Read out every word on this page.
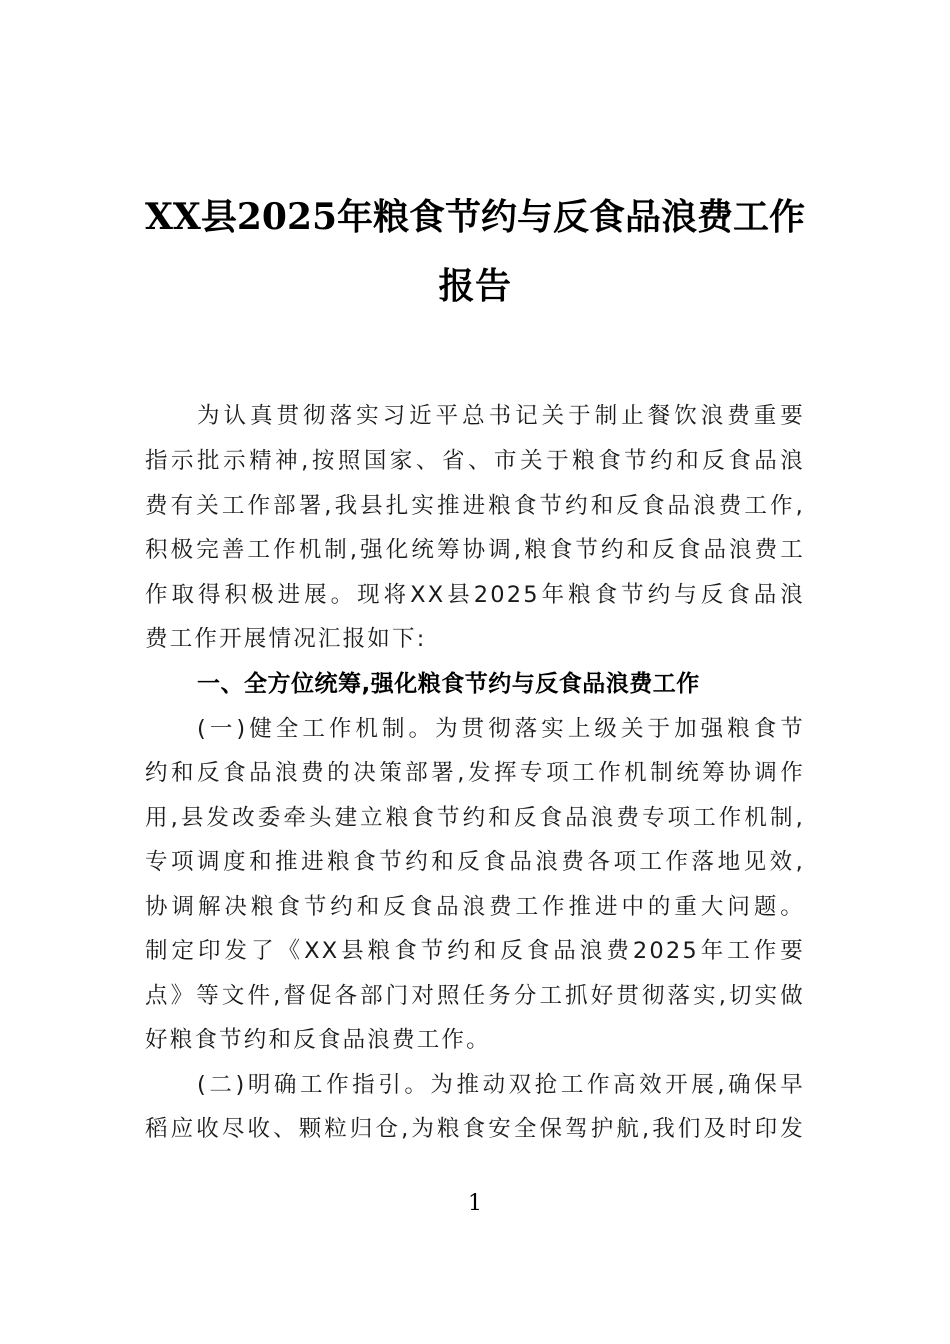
XX县2025年粮食节约与反食品浪费工作
报告
为认真贯彻落实习近平总书记关于制止餐饮浪费重要
指示批示精神,按照国家、省、市关于粮食节约和反食品浪
费有关工作部署,我县扎实推进粮食节约和反食品浪费工作,
积极完善工作机制,强化统筹协调,粮食节约和反食品浪费工
作取得积极进展。现将XX县2025年粮食节约与反食品浪
费工作开展情况汇报如下:
一、全方位统筹,强化粮食节约与反食品浪费工作
(一)健全工作机制。为贯彻落实上级关于加强粮食节
约和反食品浪费的决策部署,发挥专项工作机制统筹协调作
用,县发改委牵头建立粮食节约和反食品浪费专项工作机制,
专项调度和推进粮食节约和反食品浪费各项工作落地见效,
协调解决粮食节约和反食品浪费工作推进中的重大问题。
制定印发了《XX县粮食节约和反食品浪费2025年工作要
点》等文件,督促各部门对照任务分工抓好贯彻落实,切实做
好粮食节约和反食品浪费工作。
(二)明确工作指引。为推动双抢工作高效开展,确保早
稻应收尽收、颗粒归仓,为粮食安全保驾护航,我们及时印发
1
